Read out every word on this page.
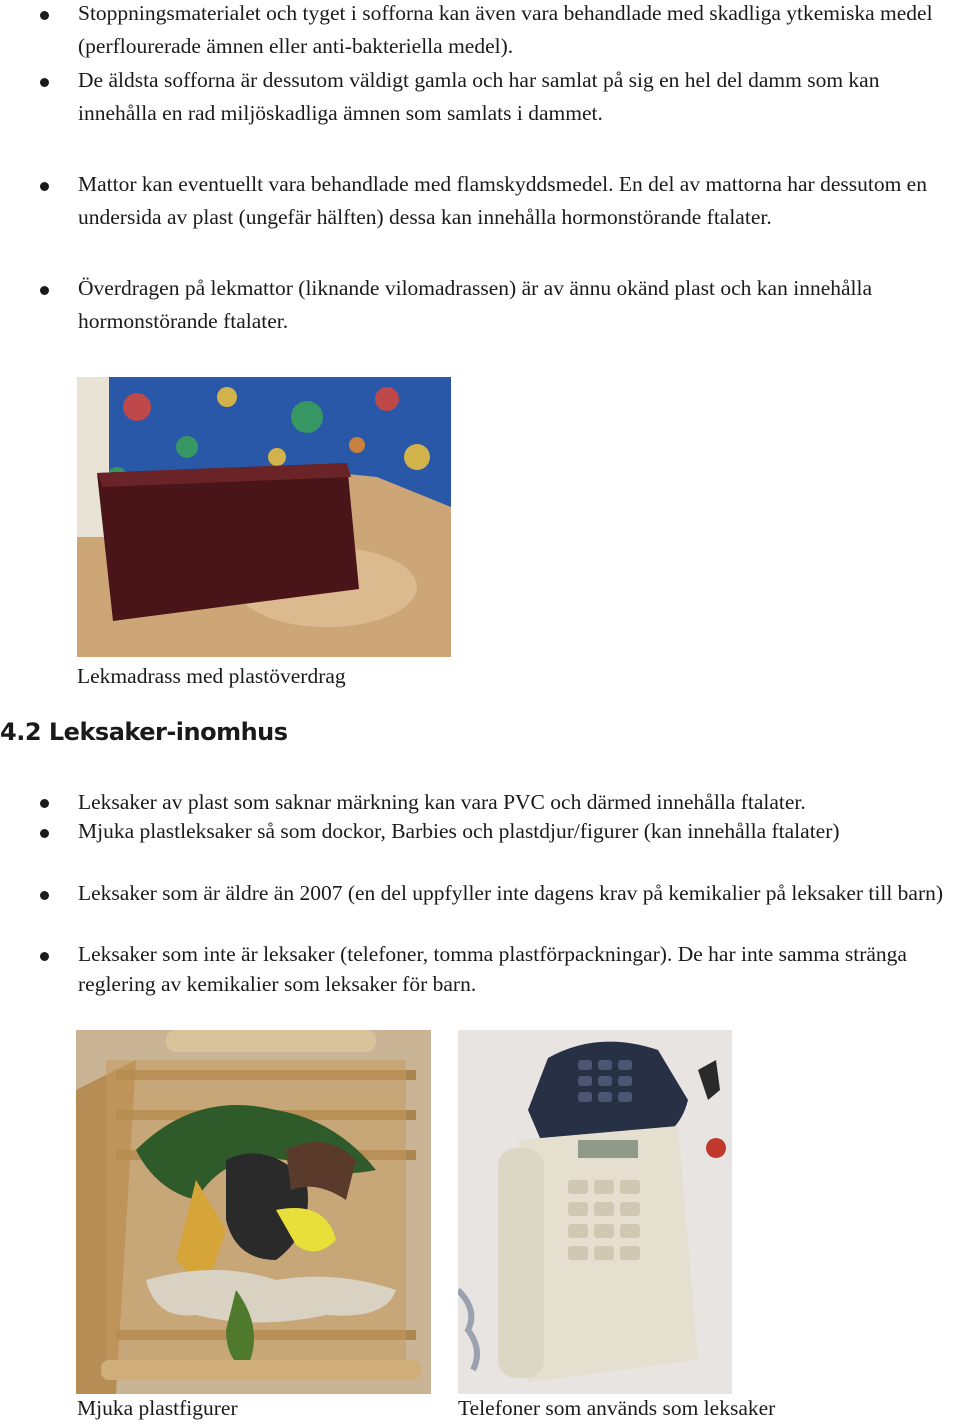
Stoppningsmaterialet och tyget i sofforna kan även vara behandlade med skadliga ytkemiska medel (perflourerade ämnen eller anti-bakteriella medel).
De äldsta sofforna är dessutom väldigt gamla och har samlat på sig en hel del damm som kan innehålla en rad miljöskadliga ämnen som samlats i dammet.
Mattor kan eventuellt vara behandlade med flamskyddsmedel. En del av mattorna har dessutom en undersida av plast (ungefär hälften) dessa kan innehålla hormonstörande ftalater.
Överdragen på lekmattor (liknande vilomadrassen) är av ännu okänd plast och kan innehålla hormonstörande ftalater.
Lekmadrass med plastöverdrag
4.2 Leksaker-inomhus
Leksaker av plast som saknar märkning kan vara PVC och därmed innehålla ftalater.
Mjuka plastleksaker så som dockor, Barbies och plastdjur/figurer (kan innehålla ftalater)
Leksaker som är äldre än 2007 (en del uppfyller inte dagens krav på kemikalier på leksaker till barn)
Leksaker som inte är leksaker (telefoner, tomma plastförpackningar). De har inte samma stränga reglering av kemikalier som leksaker för barn.
Mjuka plastfigurer	Telefoner som används som leksaker
